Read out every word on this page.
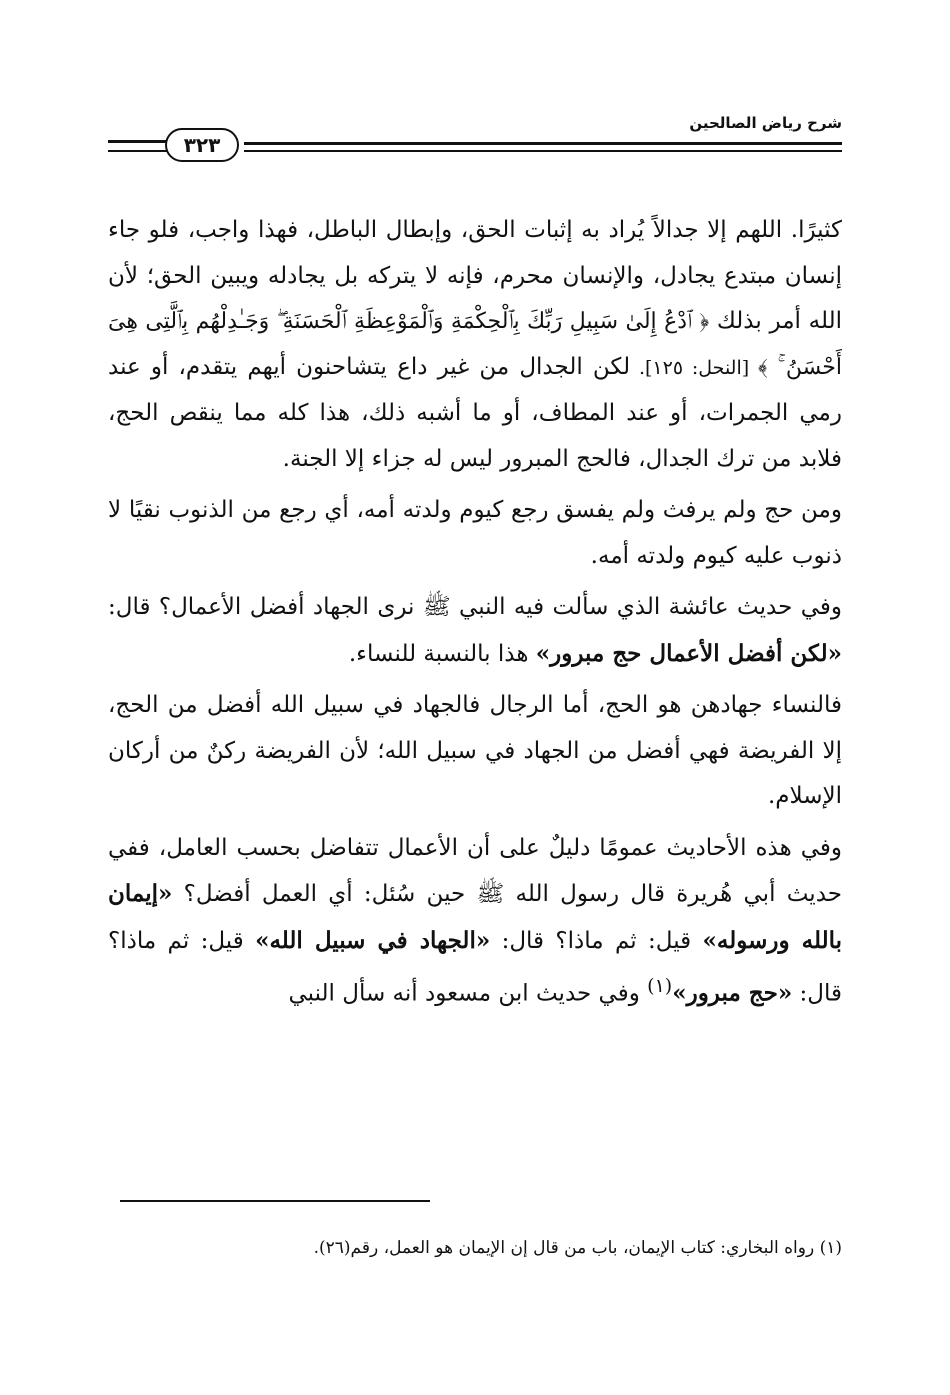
شرح رياض الصالحين
٣٢٣

كثيرًا. اللهم إلا جدالاً يُراد به إثبات الحق، وإبطال الباطل، فهذا واجب، فلو جاء إنسان مبتدع يجادل، والإنسان محرم، فإنه لا يتركه بل يجادله ويبين الحق؛ لأن الله أمر بذلك ﴿ ٱدْعُ إِلَىٰ سَبِيلِ رَبِّكَ بِٱلْحِكْمَةِ وَٱلْمَوْعِظَةِ ٱلْحَسَنَةِ ۖ وَجَـٰدِلْهُم بِٱلَّتِى هِىَ أَحْسَنُ ۚ ﴾ [النحل: ١٢٥]. لكن الجدال من غير داع يتشاحنون أيهم يتقدم، أو عند رمي الجمرات، أو عند المطاف، أو ما أشبه ذلك، هذا كله مما ينقص الحج، فلابد من ترك الجدال، فالحج المبرور ليس له جزاء إلا الجنة.

ومن حج ولم يرفث ولم يفسق رجع كيوم ولدته أمه، أي رجع من الذنوب نقيًا لا ذنوب عليه كيوم ولدته أمه.

وفي حديث عائشة الذي سألت فيه النبي ﷺ نرى الجهاد أفضل الأعمال؟ قال: «لكن أفضل الأعمال حج مبرور» هذا بالنسبة للنساء.

فالنساء جهادهن هو الحج، أما الرجال فالجهاد في سبيل الله أفضل من الحج، إلا الفريضة فهي أفضل من الجهاد في سبيل الله؛ لأن الفريضة ركنٌ من أركان الإسلام.

وفي هذه الأحاديث عمومًا دليلٌ على أن الأعمال تتفاضل بحسب العامل، ففي حديث أبي هُريرة قال رسول الله ﷺ حين سُئل: أي العمل أفضل؟ «إيمان بالله ورسوله» قيل: ثم ماذا؟ قال: «الجهاد في سبيل الله» قيل: ثم ماذا؟ قال: «حج مبرور»$^{(١)}$ وفي حديث ابن مسعود أنه سأل النبي

(١) رواه البخاري: كتاب الإيمان، باب من قال إن الإيمان هو العمل، رقم(٢٦).
